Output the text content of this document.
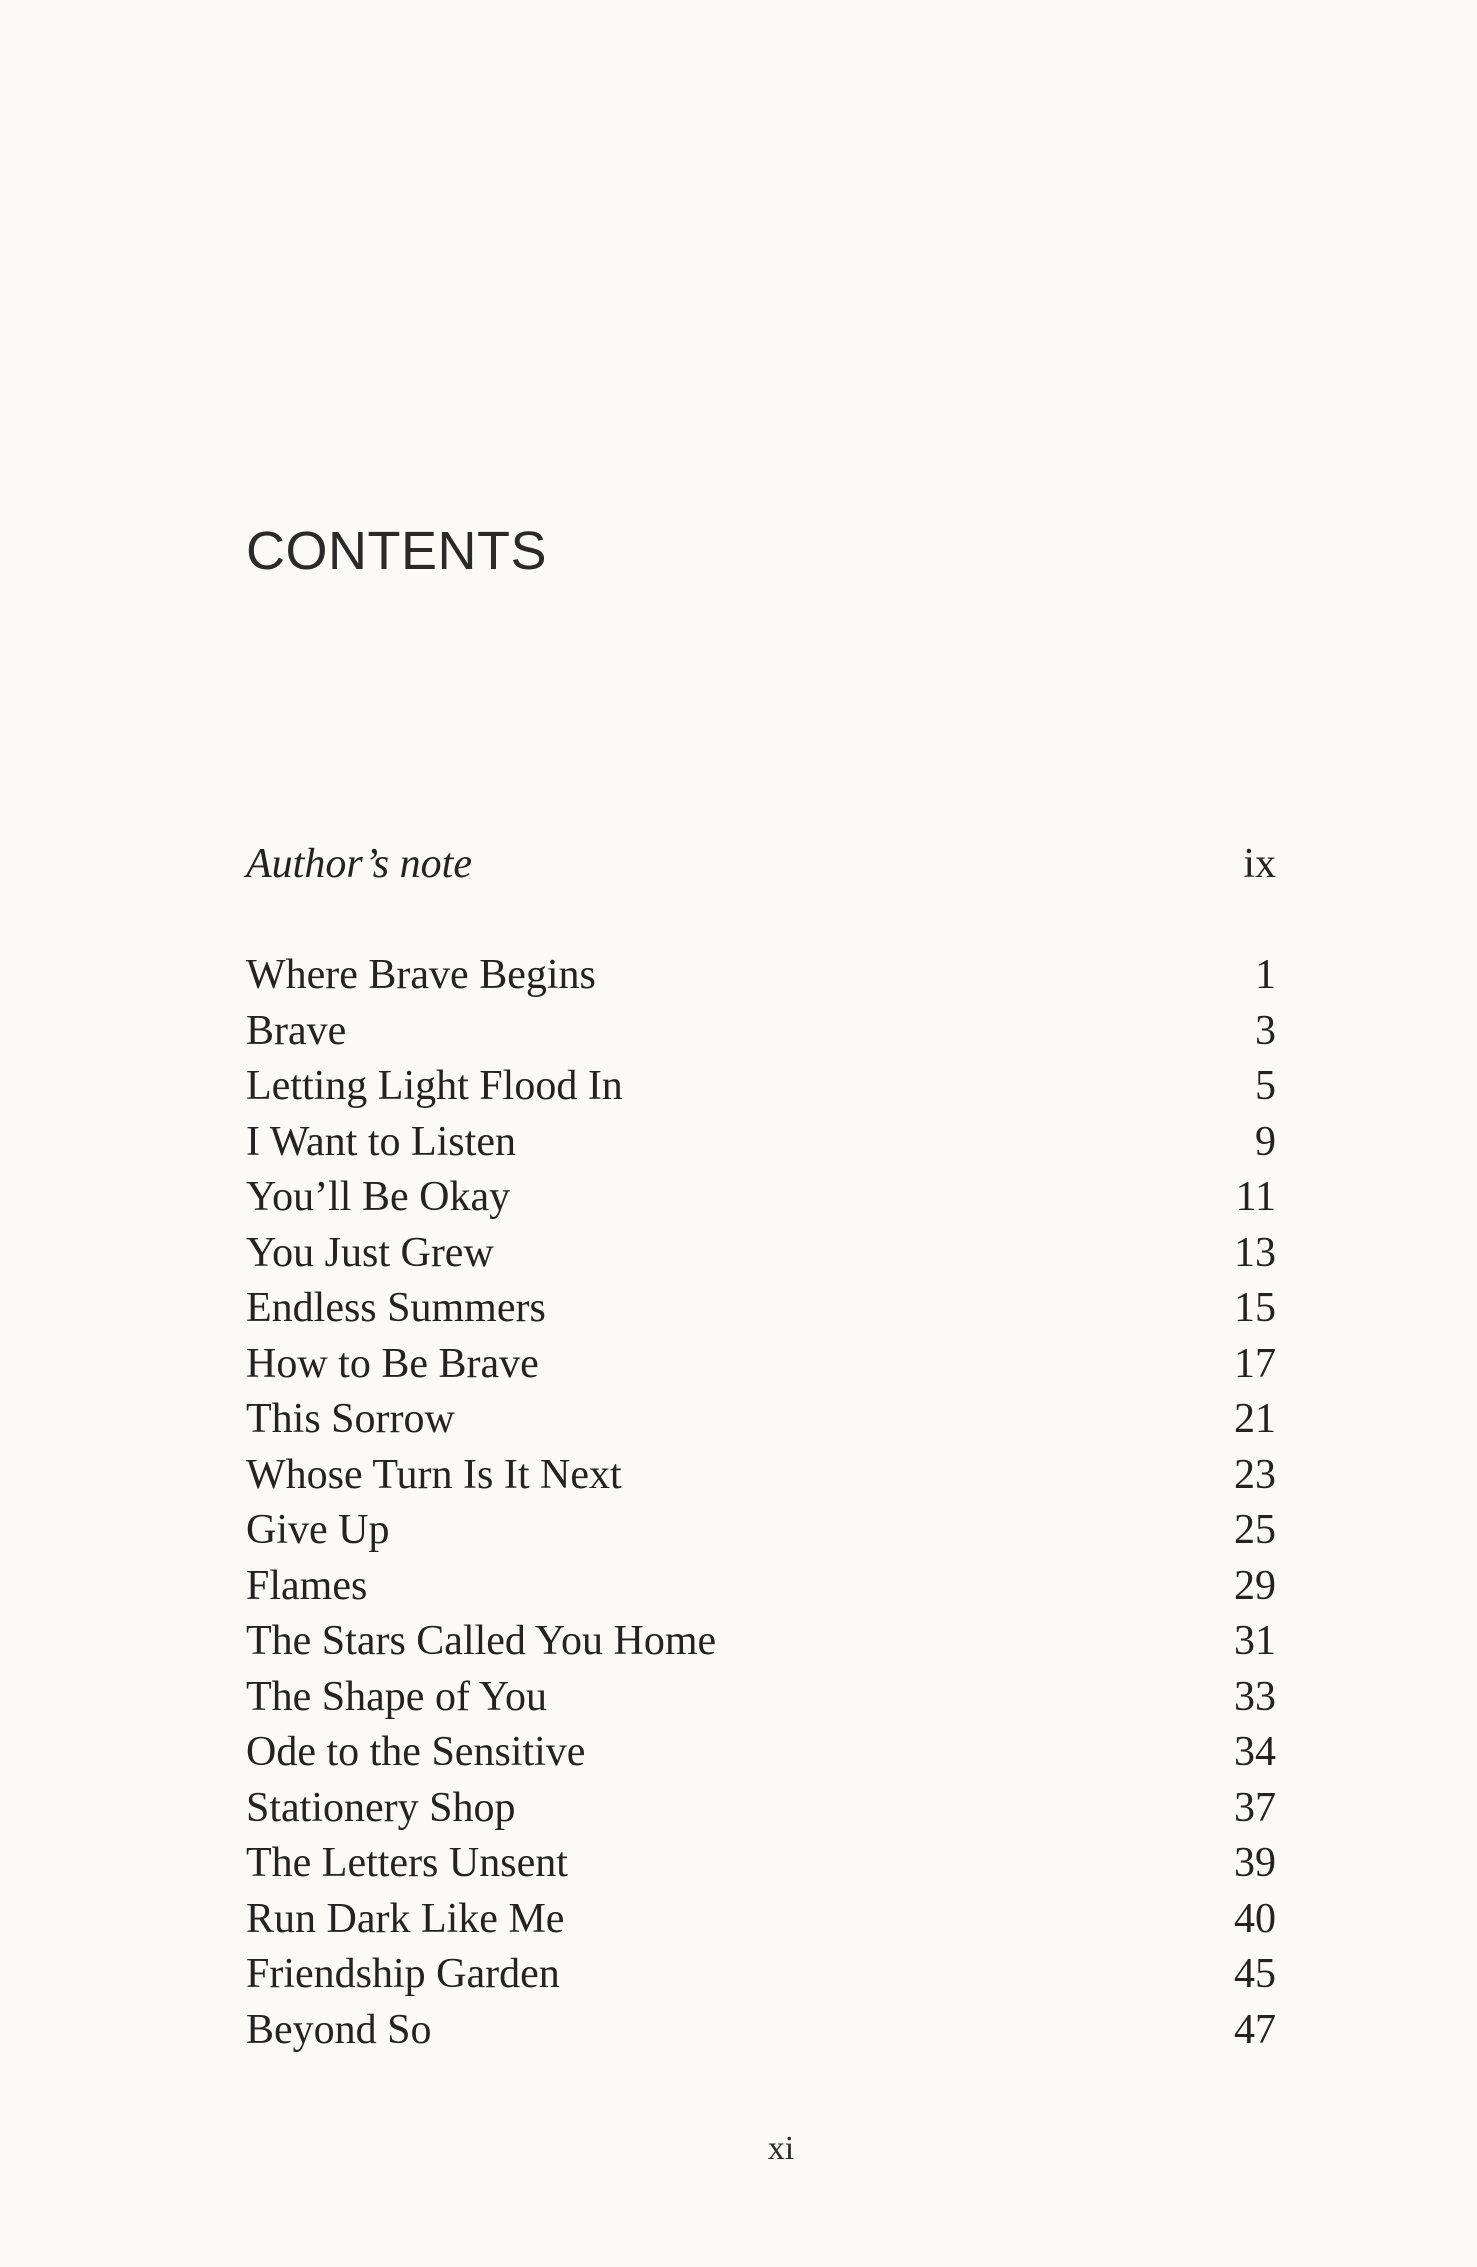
CONTENTS
Author’s note	ix
Where Brave Begins	1
Brave	3
Letting Light Flood In	5
I Want to Listen	9
You’ll Be Okay	11
You Just Grew	13
Endless Summers	15
How to Be Brave	17
This Sorrow	21
Whose Turn Is It Next	23
Give Up	25
Flames	29
The Stars Called You Home	31
The Shape of You	33
Ode to the Sensitive	34
Stationery Shop	37
The Letters Unsent	39
Run Dark Like Me	40
Friendship Garden	45
Beyond So	47
xi
